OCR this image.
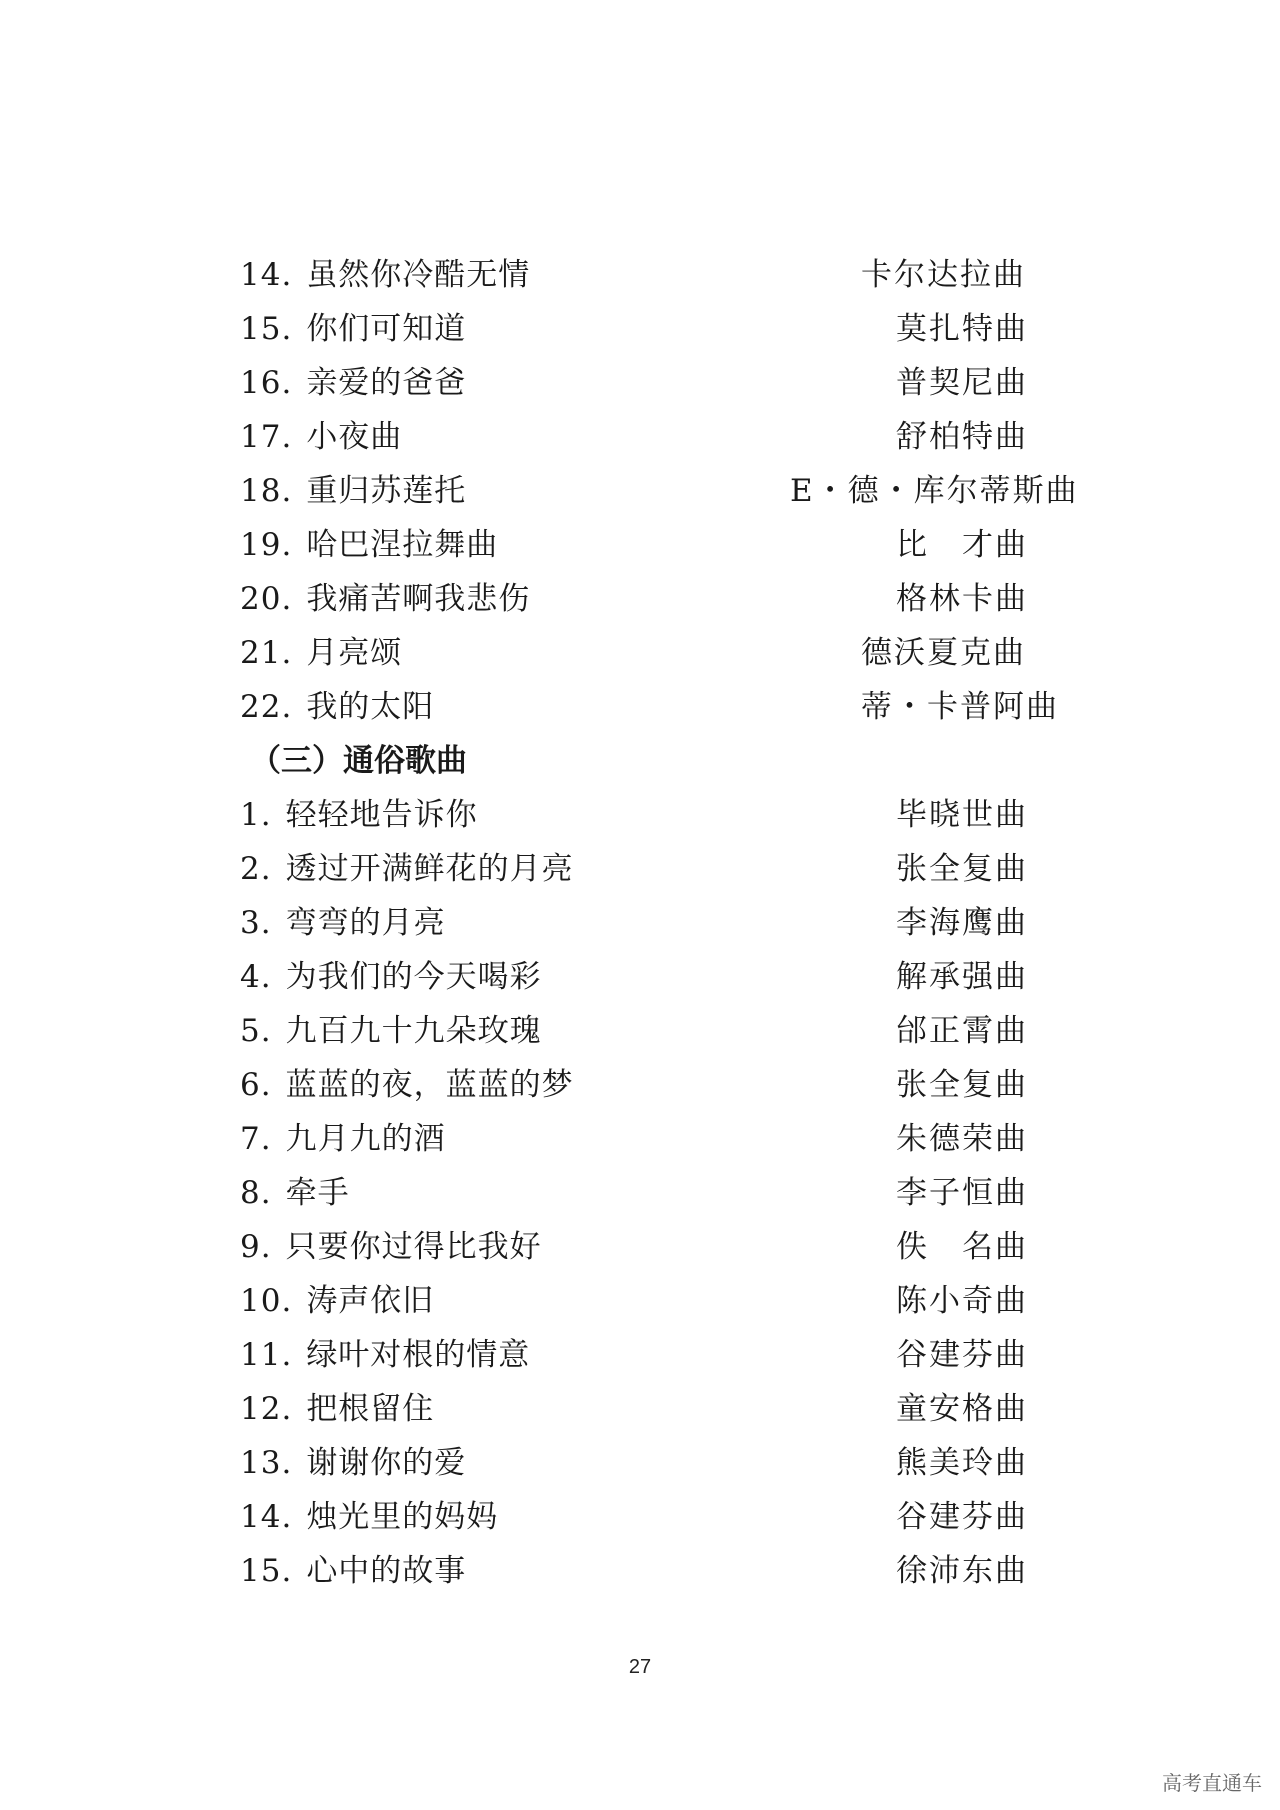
14. 虽然你冷酷无情	卡尔达拉曲
15. 你们可知道	莫扎特曲
16. 亲爱的爸爸	普契尼曲
17. 小夜曲	舒柏特曲
18. 重归苏莲托	E・德・库尔蒂斯曲
19. 哈巴涅拉舞曲	比　才曲
20. 我痛苦啊我悲伤	格林卡曲
21. 月亮颂	德沃夏克曲
22. 我的太阳	蒂・卡普阿曲
（三）通俗歌曲
1. 轻轻地告诉你	毕晓世曲
2. 透过开满鲜花的月亮	张全复曲
3. 弯弯的月亮	李海鹰曲
4. 为我们的今天喝彩	解承强曲
5. 九百九十九朵玫瑰	邰正霄曲
6. 蓝蓝的夜，蓝蓝的梦	张全复曲
7. 九月九的酒	朱德荣曲
8. 牵手	李子恒曲
9. 只要你过得比我好	佚　名曲
10. 涛声依旧	陈小奇曲
11. 绿叶对根的情意	谷建芬曲
12. 把根留住	童安格曲
13. 谢谢你的爱	熊美玲曲
14. 烛光里的妈妈	谷建芬曲
15. 心中的故事	徐沛东曲
27
高考直通车
